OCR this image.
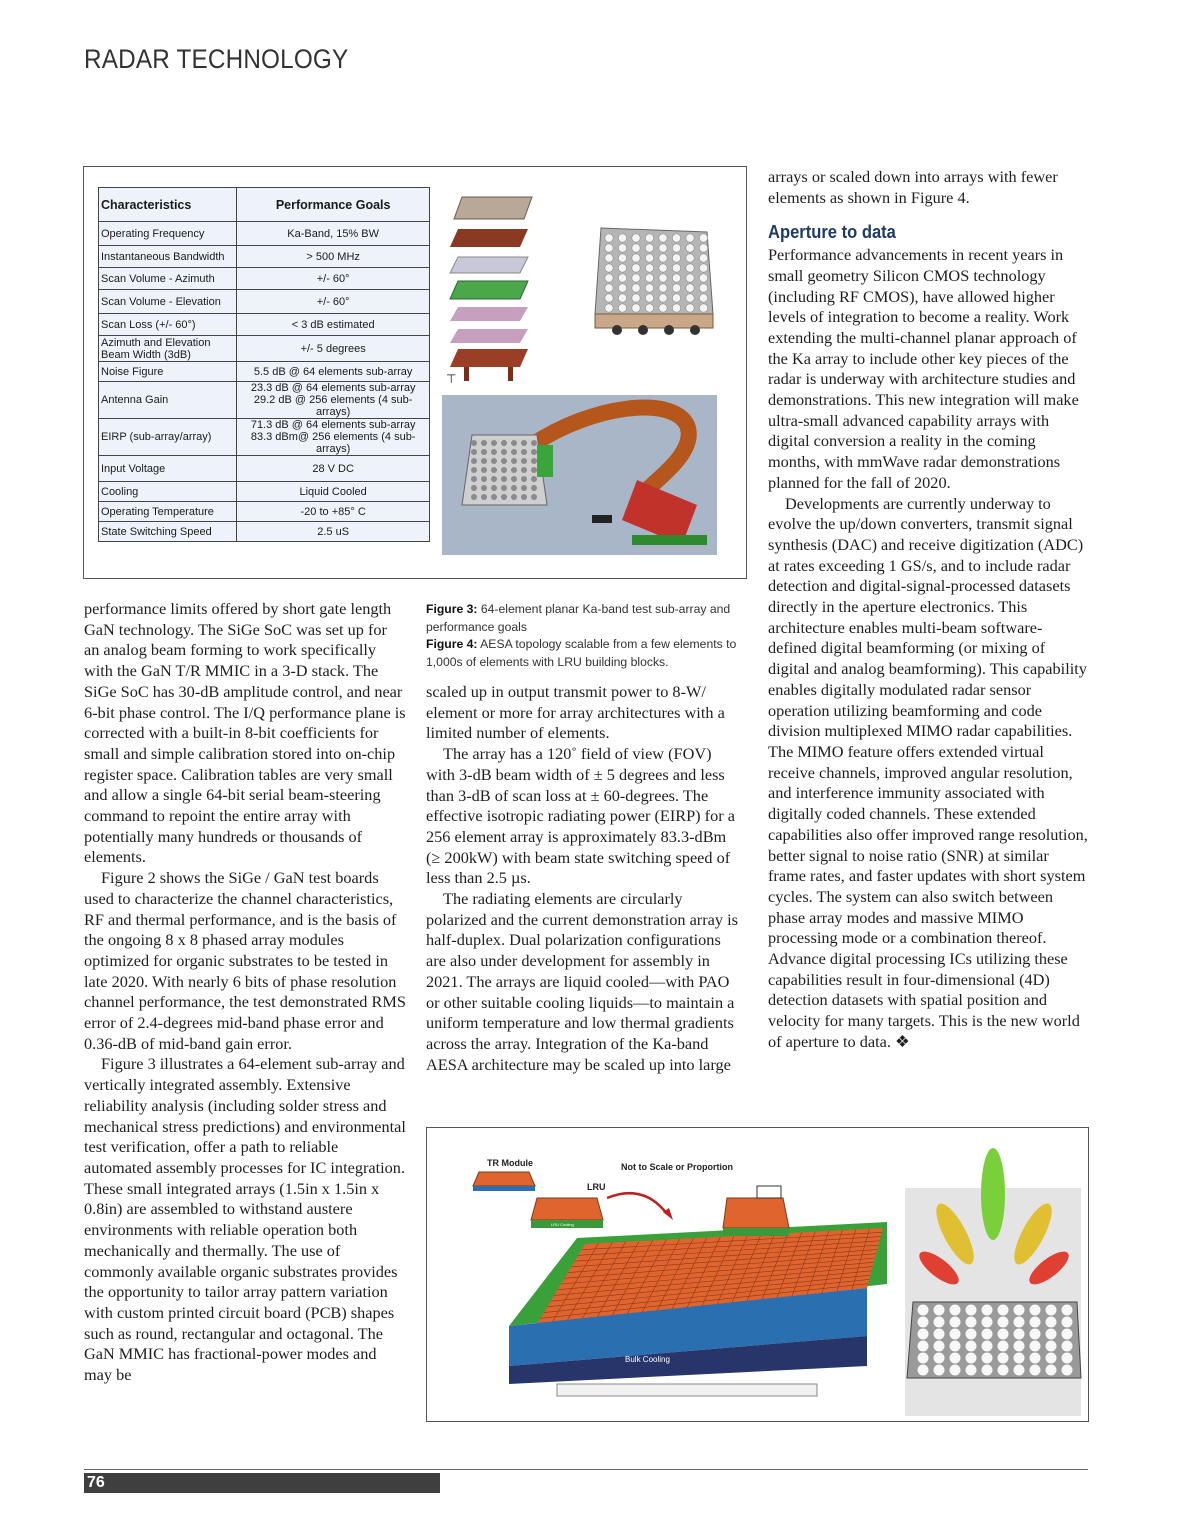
RADAR TECHNOLOGY
Characteristics	Performance Goals
Operating Frequency	Ka-Band, 15% BW
Instantaneous Bandwidth	> 500 MHz
Scan Volume - Azimuth	+/- 60°
Scan Volume - Elevation	+/- 60°
Scan Loss (+/- 60°)	< 3 dB estimated
Azimuth and Elevation Beam Width (3dB)	+/- 5 degrees
Noise Figure	5.5 dB @ 64 elements sub-array
Antenna Gain	23.3 dB @ 64 elements sub-array 29.2 dB @ 256 elements (4 sub-arrays)
EIRP (sub-array/array)	71.3 dB @ 64 elements sub-array 83.3 dBm@ 256 elements (4 sub-arrays)
Input Voltage	28 V DC
Cooling	Liquid Cooled
Operating Temperature	-20 to +85° C
State Switching Speed	2.5 uS
⊤
Figure 3: 64-element planar Ka-band test sub-array and performance goals
Figure 4: AESA topology scalable from a few elements to 1,000s of elements with LRU building blocks.

performance limits offered by short gate length GaN technology. The SiGe SoC was set up for an analog beam forming to work specifically with the GaN T/R MMIC in a 3-D stack. The SiGe SoC has 30-dB amplitude control, and near 6-bit phase control. The I/Q performance plane is corrected with a built-in 8-bit coefficients for small and simple calibration stored into on-chip register space. Calibration tables are very small and allow a single 64-bit serial beam-steering command to repoint the entire array with potentially many hundreds or thousands of elements.

Figure 2 shows the SiGe / GaN test boards used to characterize the channel characteristics, RF and thermal performance, and is the basis of the ongoing 8 x 8 phased array modules optimized for organic substrates to be tested in late 2020. With nearly 6 bits of phase resolution channel performance, the test demonstrated RMS error of 2.4-degrees mid-band phase error and 0.36-dB of mid-band gain error.

Figure 3 illustrates a 64-element sub-array and vertically integrated assembly. Extensive reliability analysis (including solder stress and mechanical stress predictions) and environmental test verification, offer a path to reliable automated assembly processes for IC integration. These small integrated arrays (1.5in x 1.5in x 0.8in) are assembled to withstand austere environments with reliable operation both mechanically and thermally. The use of commonly available organic substrates provides the opportunity to tailor array pattern variation with custom printed circuit board (PCB) shapes such as round, rectangular and octagonal. The GaN MMIC has fractional-power modes and may be

scaled up in output transmit power to 8-W/ element or more for array architectures with a limited number of elements.

The array has a 120˚ field of view (FOV) with 3-dB beam width of ± 5 degrees and less than 3-dB of scan loss at ± 60-degrees. The effective isotropic radiating power (EIRP) for a 256 element array is approximately 83.3-dBm (≥ 200kW) with beam state switching speed of less than 2.5 µs.

The radiating elements are circularly polarized and the current demonstration array is half-duplex. Dual polarization configurations are also under development for assembly in 2021. The arrays are liquid cooled—with PAO or other suitable cooling liquids—to maintain a uniform temperature and low thermal gradients across the array. Integration of the Ka-band AESA architecture may be scaled up into large

arrays or scaled down into arrays with fewer elements as shown in Figure 4.

Aperture to data

Performance advancements in recent years in small geometry Silicon CMOS technology (including RF CMOS), have allowed higher levels of integration to become a reality. Work extending the multi-channel planar approach of the Ka array to include other key pieces of the radar is underway with architecture studies and demonstrations. This new integration will make ultra-small advanced capability arrays with digital conversion a reality in the coming months, with mmWave radar demonstrations planned for the fall of 2020.

Developments are currently underway to evolve the up/down converters, transmit signal synthesis (DAC) and receive digitization (ADC) at rates exceeding 1 GS/s, and to include radar detection and digital-signal-processed datasets directly in the aperture electronics. This architecture enables multi-beam software-defined digital beamforming (or mixing of digital and analog beamforming). This capability enables digitally modulated radar sensor operation utilizing beamforming and code division multiplexed MIMO radar capabilities. The MIMO feature offers extended virtual receive channels, improved angular resolution, and interference immunity associated with digitally coded channels. These extended capabilities also offer improved range resolution, better signal to noise ratio (SNR) at similar frame rates, and faster updates with short system cycles. The system can also switch between phase array modes and massive MIMO processing mode or a combination thereof. Advance digital processing ICs utilizing these capabilities result in four-dimensional (4D) detection datasets with spatial position and velocity for many targets. This is the new world of aperture to data. ❖

TR Module
LRU
LRU Cooling
Not to Scale or Proportion
Bulk Cooling
76AIR TRAFFIC TECHNOLOGY INTERNATIONAL 2021
